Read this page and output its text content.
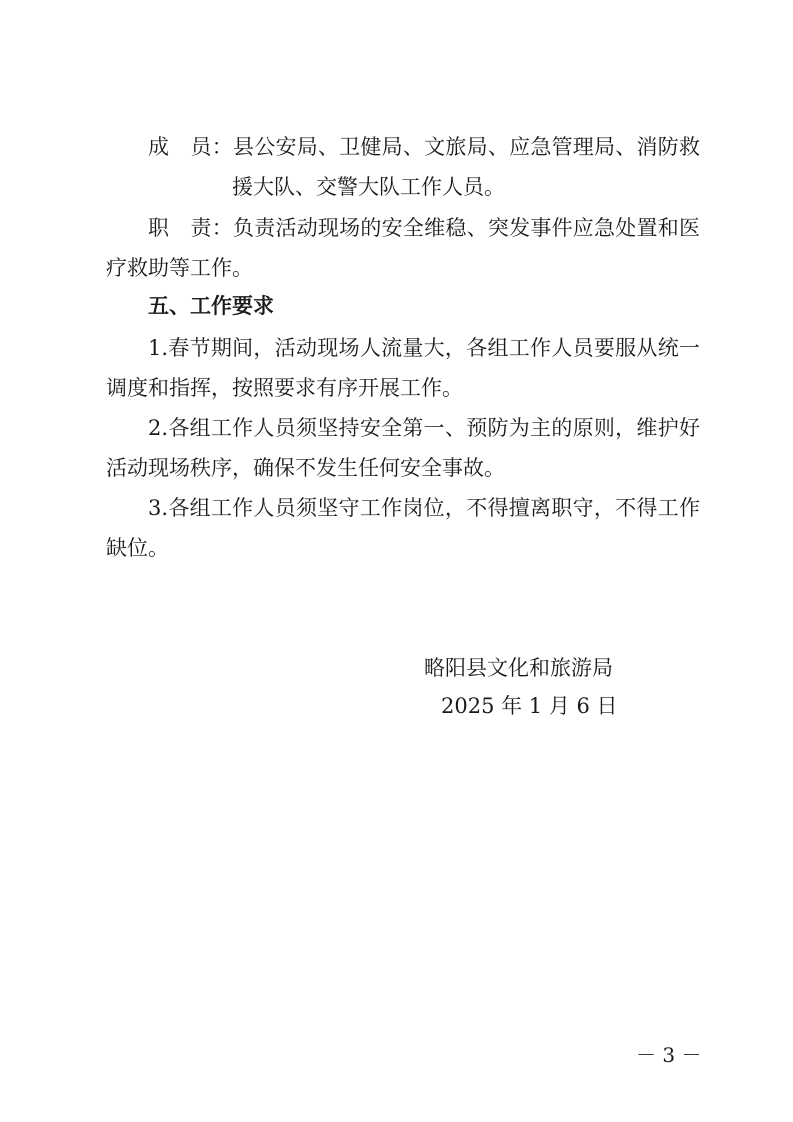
成　员：县公安局、卫健局、文旅局、应急管理局、消防救
援大队、交警大队工作人员。
职　责：负责活动现场的安全维稳、突发事件应急处置和医
疗救助等工作。
五、工作要求
1.春节期间，活动现场人流量大，各组工作人员要服从统一
调度和指挥，按照要求有序开展工作。
2.各组工作人员须坚持安全第一、预防为主的原则，维护好
活动现场秩序，确保不发生任何安全事故。
3.各组工作人员须坚守工作岗位，不得擅离职守，不得工作
缺位。
略阳县文化和旅游局
2025 年 1 月 6 日
－ 3 －
